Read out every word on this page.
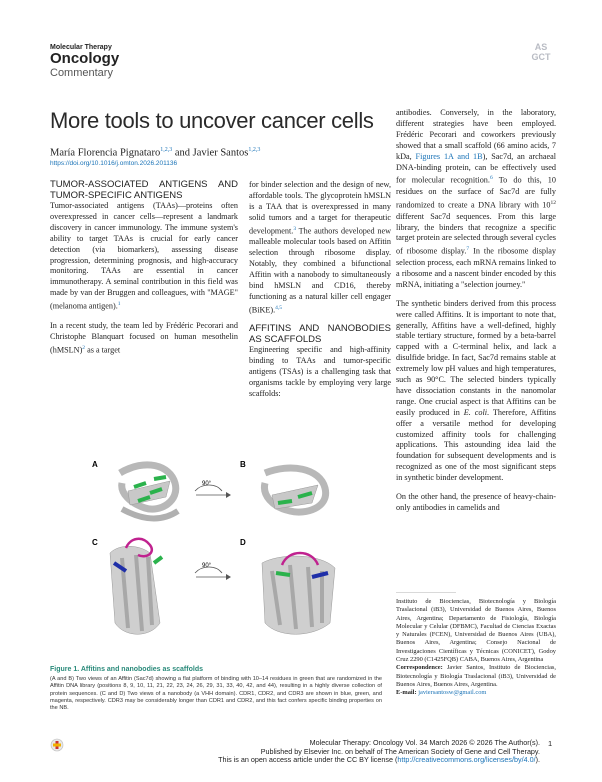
Molecular Therapy
Oncology
Commentary
AS GCT
More tools to uncover cancer cells
María Florencia Pignataro$^{1,2,3}$ and Javier Santos$^{1,2,3}$
https://doi.org/10.1016/j.omton.2026.201136
TUMOR-ASSOCIATED ANTIGENS AND TUMOR-SPECIFIC ANTIGENS

Tumor-associated antigens (TAAs)—proteins often overexpressed in cancer cells—represent a landmark discovery in cancer immunology. The immune system's ability to target TAAs is crucial for early cancer detection (via biomarkers), assessing disease progression, determining prognosis, and high-accuracy monitoring. TAAs are essential in cancer immunotherapy. A seminal contribution in this field was made by van der Bruggen and colleagues, with "MAGE" (melanoma antigen).$^1$

In a recent study, the team led by Frédéric Pecorari and Christophe Blanquart focused on human mesothelin (hMSLN)$^2$ as a target

for binder selection and the design of new, affordable tools. The glycoprotein hMSLN is a TAA that is overexpressed in many solid tumors and a target for therapeutic development.$^3$ The authors developed new malleable molecular tools based on Affitin selection through ribosome display. Notably, they combined a bifunctional Affitin with a nanobody to simultaneously bind hMSLN and CD16, thereby functioning as a natural killer cell engager (BiKE).$^{4,5}$

AFFITINS AND NANOBODIES AS SCAFFOLDS

Engineering specific and high-affinity binding to TAAs and tumor-specific antigens (TSAs) is a challenging task that organisms tackle by employing very large scaffolds:

antibodies. Conversely, in the laboratory, different strategies have been employed. Frédéric Pecorari and coworkers previously showed that a small scaffold (66 amino acids, 7 kDa, Figures 1A and 1B), Sac7d, an archaeal DNA-binding protein, can be effectively used for molecular recognition.$^6$ To do this, 10 residues on the surface of Sac7d are fully randomized to create a DNA library with $10^{12}$ different Sac7d sequences. From this large library, the binders that recognize a specific target protein are selected through several cycles of ribosome display.$^7$ In the ribosome display selection process, each mRNA remains linked to a ribosome and a nascent binder encoded by this mRNA, initiating a "selection journey."

The synthetic binders derived from this process were called Affitins. It is important to note that, generally, Affitins have a well-defined, highly stable tertiary structure, formed by a beta-barrel capped with a C-terminal helix, and lack a disulfide bridge. In fact, Sac7d remains stable at extremely low pH values and high temperatures, such as 90°C. The selected binders typically have dissociation constants in the nanomolar range. One crucial aspect is that Affitins can be easily produced in E. coli. Therefore, Affitins offer a versatile method for developing customized affinity tools for challenging applications. This astounding idea laid the foundation for subsequent developments and is recognized as one of the most significant steps in synthetic binder development.

On the other hand, the presence of heavy-chain-only antibodies in camelids and

Instituto de Biociencias, Biotecnología y Biología Traslacional (iB3), Universidad de Buenos Aires, Buenos Aires, Argentina; Departamento de Fisiología, Biología Molecular y Celular (DFBMC), Facultad de Ciencias Exactas y Naturales (FCEN), Universidad de Buenos Aires (UBA), Buenos Aires, Argentina; Consejo Nacional de Investigaciones Científicas y Técnicas (CONICET), Godoy Cruz 2290 (C1425FQB) CABA, Buenos Aires, Argentina
Correspondence: Javier Santos, Instituto de Biociencias, Biotecnología y Biología Traslacional (iB3), Universidad de Buenos Aires, Buenos Aires, Argentina.
E-mail: javiersantosw@gmail.com
A	B
C	D
90°
90°
Figure 1. Affitins and nanobodies as scaffolds
(A and B) Two views of an Affitin (Sac7d) showing a flat platform of binding with 10–14 residues in green that are randomized in the Affitin DNA library (positions 8, 9, 10, 11, 21, 22, 23, 24, 26, 29, 31, 33, 40, 42, and 44), resulting in a highly diverse collection of protein sequences. (C and D) Two views of a nanobody (a VHH domain). CDR1, CDR2, and CDR3 are shown in blue, green, and magenta, respectively. CDR3 may be considerably longer than CDR1 and CDR2, and this fact confers specific binding properties on the NB.
Molecular Therapy: Oncology Vol. 34 March 2026 © 2026 The Author(s).
Published by Elsevier Inc. on behalf of The American Society of Gene and Cell Therapy.
This is an open access article under the CC BY license (http://creativecommons.org/licenses/by/4.0/).
1
